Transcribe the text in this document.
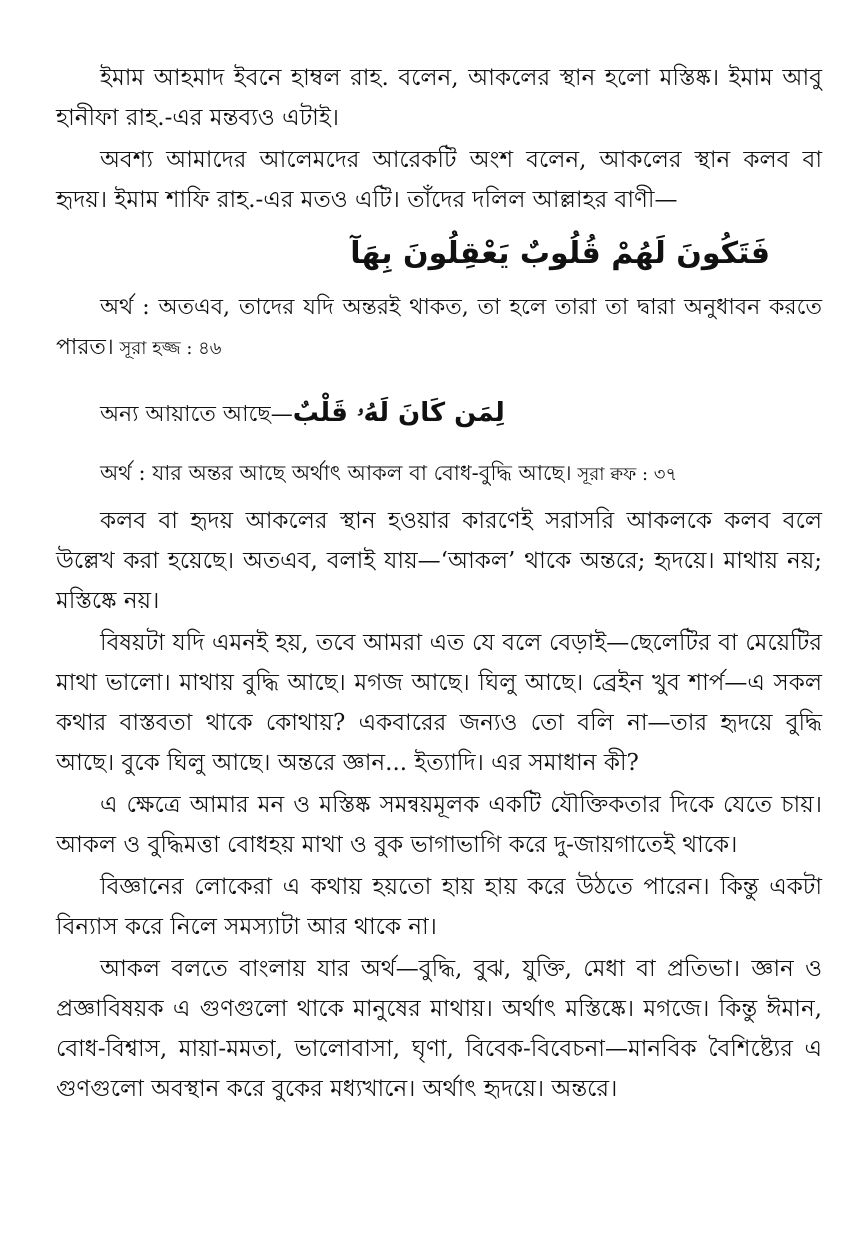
ইমাম আহমাদ ইবনে হাম্বল রাহ. বলেন, আকলের স্থান হলো মস্তিষ্ক। ইমাম আবু হানীফা রাহ.-এর মন্তব্যও এটাই।

অবশ্য আমাদের আলেমদের আরেকটি অংশ বলেন, আকলের স্থান কলব বা হৃদয়। ইমাম শাফি রাহ.-এর মতও এটি। তাঁদের দলিল আল্লাহর বাণী—

فَتَكُونَ لَهُمْ قُلُوبٌ يَعْقِلُونَ بِهَآ

অর্থ : অতএব, তাদের যদি অন্তরই থাকত, তা হলে তারা তা দ্বারা অনুধাবন করতে পারত। সূরা হজ্জ : ৪৬

অন্য আয়াতে আছে—لِمَن كَانَ لَهُۥ قَلْبٌ

অর্থ : যার অন্তর আছে অর্থাৎ আকল বা বোধ-বুদ্ধি আছে। সূরা ক্বফ : ৩৭

কলব বা হৃদয় আকলের স্থান হওয়ার কারণেই সরাসরি আকলকে কলব বলে উল্লেখ করা হয়েছে। অতএব, বলাই যায়—‘আকল’ থাকে অন্তরে; হৃদয়ে। মাথায় নয়; মস্তিষ্কে নয়।

বিষয়টা যদি এমনই হয়, তবে আমরা এত যে বলে বেড়াই—ছেলেটির বা মেয়েটির মাথা ভালো। মাথায় বুদ্ধি আছে। মগজ আছে। ঘিলু আছে। ব্রেইন খুব শার্প—এ সকল কথার বাস্তবতা থাকে কোথায়? একবারের জন্যও তো বলি না—তার হৃদয়ে বুদ্ধি আছে। বুকে ঘিলু আছে। অন্তরে জ্ঞান... ইত্যাদি। এর সমাধান কী?

এ ক্ষেত্রে আমার মন ও মস্তিষ্ক সমন্বয়মূলক একটি যৌক্তিকতার দিকে যেতে চায়। আকল ও বুদ্ধিমত্তা বোধহয় মাথা ও বুক ভাগাভাগি করে দু-জায়গাতেই থাকে।

বিজ্ঞানের লোকেরা এ কথায় হয়তো হায় হায় করে উঠতে পারেন। কিন্তু একটা বিন্যাস করে নিলে সমস্যাটা আর থাকে না।

আকল বলতে বাংলায় যার অর্থ—বুদ্ধি, বুঝ, যুক্তি, মেধা বা প্রতিভা। জ্ঞান ও প্রজ্ঞাবিষয়ক এ গুণগুলো থাকে মানুষের মাথায়। অর্থাৎ মস্তিষ্কে। মগজে। কিন্তু ঈমান, বোধ-বিশ্বাস, মায়া-মমতা, ভালোবাসা, ঘৃণা, বিবেক-বিবেচনা—মানবিক বৈশিষ্ট্যের এ গুণগুলো অবস্থান করে বুকের মধ্যখানে। অর্থাৎ হৃদয়ে। অন্তরে।
